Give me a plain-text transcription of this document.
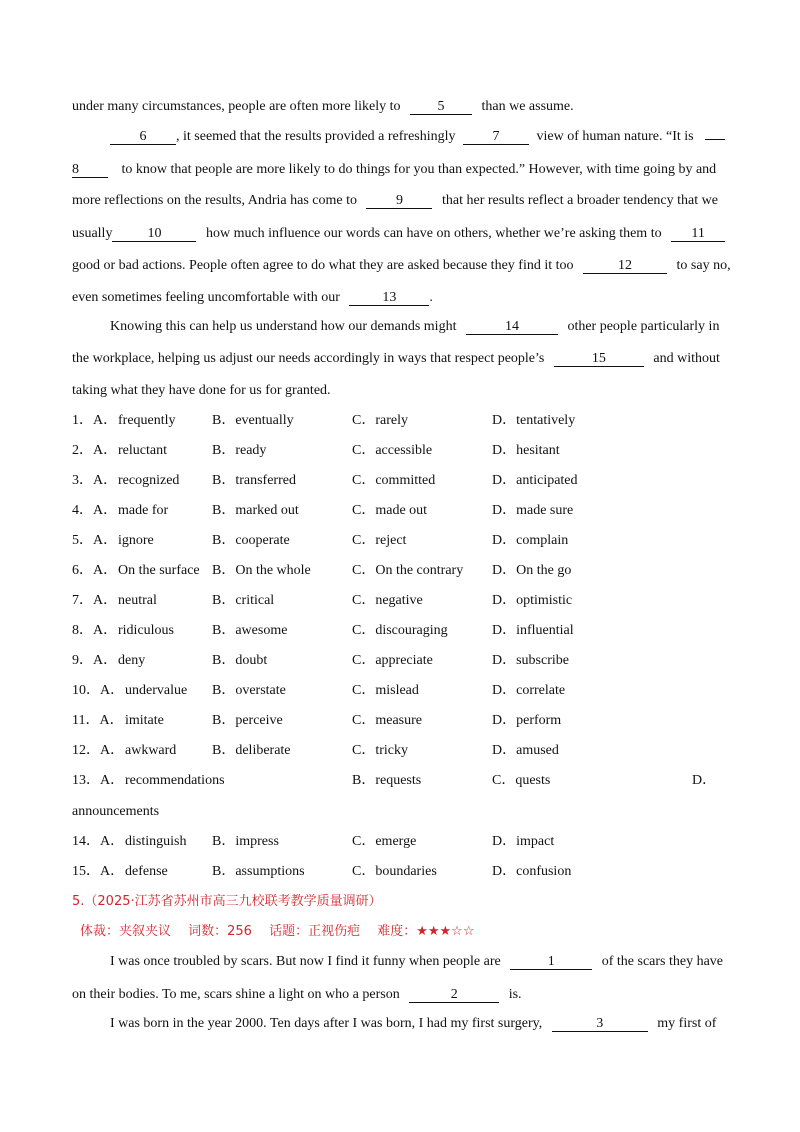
under many circumstances, people are often more likely to	5	than we assume.
6 , it seemed that the results provided a refreshingly	7	view of human nature. “It is
8	to know that people are more likely to do things for you than expected.” However, with time going by and
more reflections on the results, Andria has come to	9	that her results reflect a broader tendency that we
usually	10	how much influence our words can have on others, whether we’re asking them to 11
good or bad actions. People often agree to do what they are asked because they find it too	12	to say no,
even sometimes feeling uncomfortable with our	13 .
Knowing this can help us understand how our demands might	14	other people particularly in
the workplace, helping us adjust our needs accordingly in ways that respect people’s	15	and without
taking what they have done for us for granted.
1．A． frequently	B．eventually	C．rarely	D．tentatively
2．A． reluctant	B．ready	C．accessible	D．hesitant
3．A． recognized B．transferred	C．committed	D．anticipated
4．A． made for	B．marked out	C．made out	D．made sure
5．A． ignore	B．cooperate	C．reject	D．complain
6．A． On the surface B．On the whole	C．On the contrary D．On the go
7．A． neutral	B．critical	C．negative	D．optimistic
8．A． ridiculous	B．awesome	C．discouraging	D．influential
9．A． deny	B．doubt	C．appreciate	D．subscribe
10．A． undervalue B．overstate	C．mislead	D．correlate
11．A． imitate	B．perceive	C．measure	D．perform
12．A． awkward	B．deliberate	C．tricky	D．amused
13．A． recommendations	B．requests	C．quests	D．
announcements
14．A． distinguish B．impress	C．emerge	D．impact
15．A． defense	B．assumptions	C．boundaries	D．confusion
5.（2025·江苏省苏州市高三九校联考教学质量调研）
体裁：夹叙夹议　 词数：256　 话题：正视伤疤　 难度：★★★☆☆
I was once troubled by scars. But now I find it funny when people are	1	of the scars they have
on their bodies. To me, scars shine a light on who a person	2	is.
I was born in the year 2000. Ten days after I was born, I had my first surgery,	3	my first of
